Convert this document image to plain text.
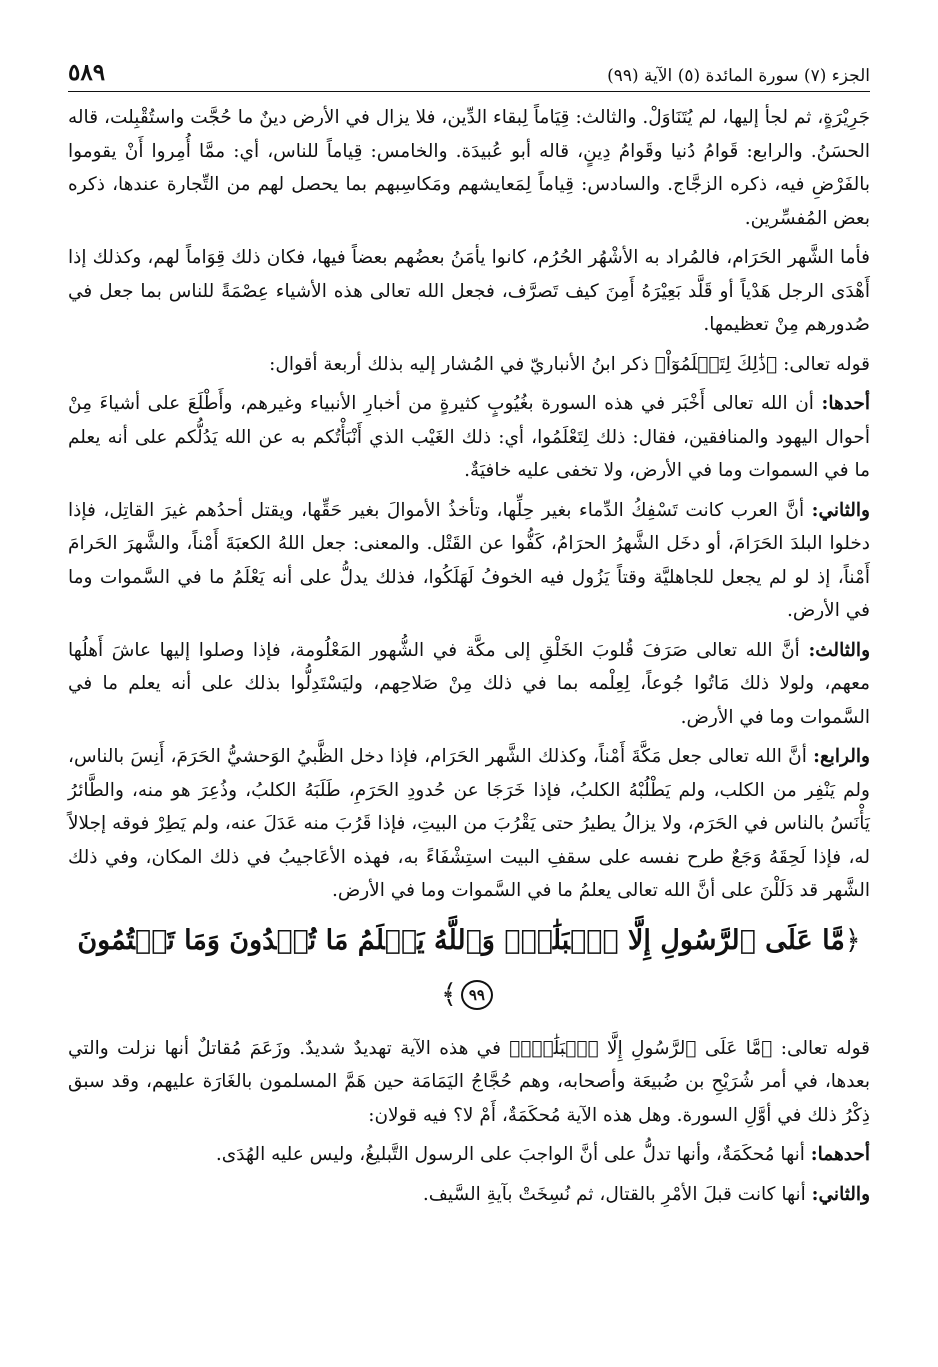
الجزء (٧) سورة المائدة (٥) الآية (٩٩)
٥٨٩

جَرِيْرَةٍ، ثم لجأ إليها، لم يُتَنَاوَلْ. والثالث: قِيَاماً لِبقاء الدِّين، فلا يزال في الأرض دينٌ ما حُجَّت واستُقْبِلت، قاله الحسَنُ. والرابع: قَوامُ دُنيا وقَوامُ دِينٍ، قاله أبو عُبيدَة. والخامس: قِياماً للناس، أي: ممَّا أُمِروا أَنْ يقوموا بالفَرْضِ فيه، ذكره الزجَّاج. والسادس: قِياماً لِمَعايشهم ومَكاسِبهم بما يحصل لهم من التِّجارة عندها، ذكره بعض المُفسِّرين.

فأما الشَّهر الحَرَام، فالمُراد به الأشْهُر الحُرُم، كانوا يأمَنُ بعضُهم بعضاً فيها، فكان ذلك قِوَاماً لهم، وكذلك إذا أَهْدَى الرجل هَدْياً أو قَلَّد بَعِيْرَهُ أَمِنَ كيف تَصرَّف، فجعل الله تعالى هذه الأشياء عِصْمَةً للناس بما جعل في صُدورهم مِنْ تعظيمها.

قوله تعالى: ﴿ذَٰلِكَ لِتَعۡلَمُوٓاْ﴾ ذكر ابنُ الأنباريّ في المُشار إليه بذلك أربعة أقوال:

أحدها: أن الله تعالى أَخْبَر في هذه السورة بغُيُوبٍ كثيرةٍ من أخبارِ الأنبياء وغيرهم، وأَطْلَعَ على أشياءَ مِنْ أحوال اليهود والمنافقين، فقال: ذلك لِتَعْلَمُوا، أي: ذلك الغَيْب الذي أَنْبَأْتُكم به عن الله يَدُلُّكم على أنه يعلم ما في السموات وما في الأرض، ولا تخفى عليه خافيَةٌ.

والثاني: أنَّ العرب كانت تَسْفِكُ الدِّماء بغير حِلِّها، وتأخذُ الأموالَ بغير حَقِّها، ويقتل أحدُهم غيرَ القاتِل، فإذا دخلوا البلدَ الحَرَامَ، أو دخَل الشَّهرُ الحرَامُ، كَفُّوا عن القَتْل. والمعنى: جعل اللهُ الكعبَةَ أَمْناً، والشَّهرَ الحَرامَ أَمْناً، إذ لو لم يجعل للجاهليَّة وقتاً يَزُول فيه الخوفُ لَهَلَكُوا، فذلك يدلُّ على أنه يَعْلَمُ ما في السَّموات وما في الأرض.

والثالث: أنَّ الله تعالى صَرَفَ قُلوبَ الخَلْقِ إلى مكَّة في الشُّهور المَعْلُومة، فإذا وصلوا إليها عاشَ أَهلُها معهم، ولولا ذلك مَاتُوا جُوعاً، لِعِلْمه بما في ذلك مِنْ صَلاحِهم، وليَسْتَدِلُّوا بذلك على أنه يعلم ما في السَّموات وما في الأرض.

والرابع: أنَّ الله تعالى جعل مَكَّةَ أَمْناً، وكذلك الشَّهر الحَرَام، فإذا دخل الظَّبيُ الوَحشيُّ الحَرَمَ، أَنِسَ بالناس، ولم يَنْفِر من الكلب، ولم يَطْلُبْهُ الكلبُ، فإذا خَرَجَا عن حُدودِ الحَرَمِ، طَلَبَهُ الكلبُ، وذُعِرَ هو منه، والطَّائرُ يَأْنَسُ بالناس في الحَرَم، ولا يزالُ يطيرُ حتى يَقْرُبَ من البيتِ، فإذا قَرُبَ منه عَدَلَ عنه، ولم يَطِرْ فوقه إجلالاً له، فإذا لَحِقَهُ وَجَعٌ طرح نفسه على سقفِ البيت استِشْفَاءً به، فهذه الأعَاجيبُ في ذلك المكان، وفي ذلك الشَّهر قد دَلَلْنَ على أنَّ الله تعالى يعلمُ ما في السَّموات وما في الأرض.

﴿مَّا عَلَى ٱلرَّسُولِ إِلَّا ٱلۡبَلَٰغُۗ وَٱللَّهُ يَعۡلَمُ مَا تُبۡدُونَ وَمَا تَكۡتُمُونَ ٩٩﴾

قوله تعالى: ﴿مَّا عَلَى ٱلرَّسُولِ إِلَّا ٱلۡبَلَٰغُۗ﴾ في هذه الآية تهديدٌ شديدٌ. وزَعَمَ مُقاتلٌ أنها نزلت والتي بعدها، في أمر شُرَيْحِ بن ضُبيعَة وأصحابه، وهم حُجَّاجُ اليَمَامَة حين هَمَّ المسلمون بالغَارَة عليهم، وقد سبق ذِكْرُ ذلك في أوَّلِ السورة. وهل هذه الآية مُحكَمَةٌ، أَمْ لا؟ فيه قولان:

أحدهما: أنها مُحكَمَةٌ، وأنها تدلُّ على أنَّ الواجبَ على الرسول التَّبليغُ، وليس عليه الهُدَى.

والثاني: أنها كانت قبلَ الأمْرِ بالقتال، ثم نُسِخَتْ بآيةِ السَّيف.
